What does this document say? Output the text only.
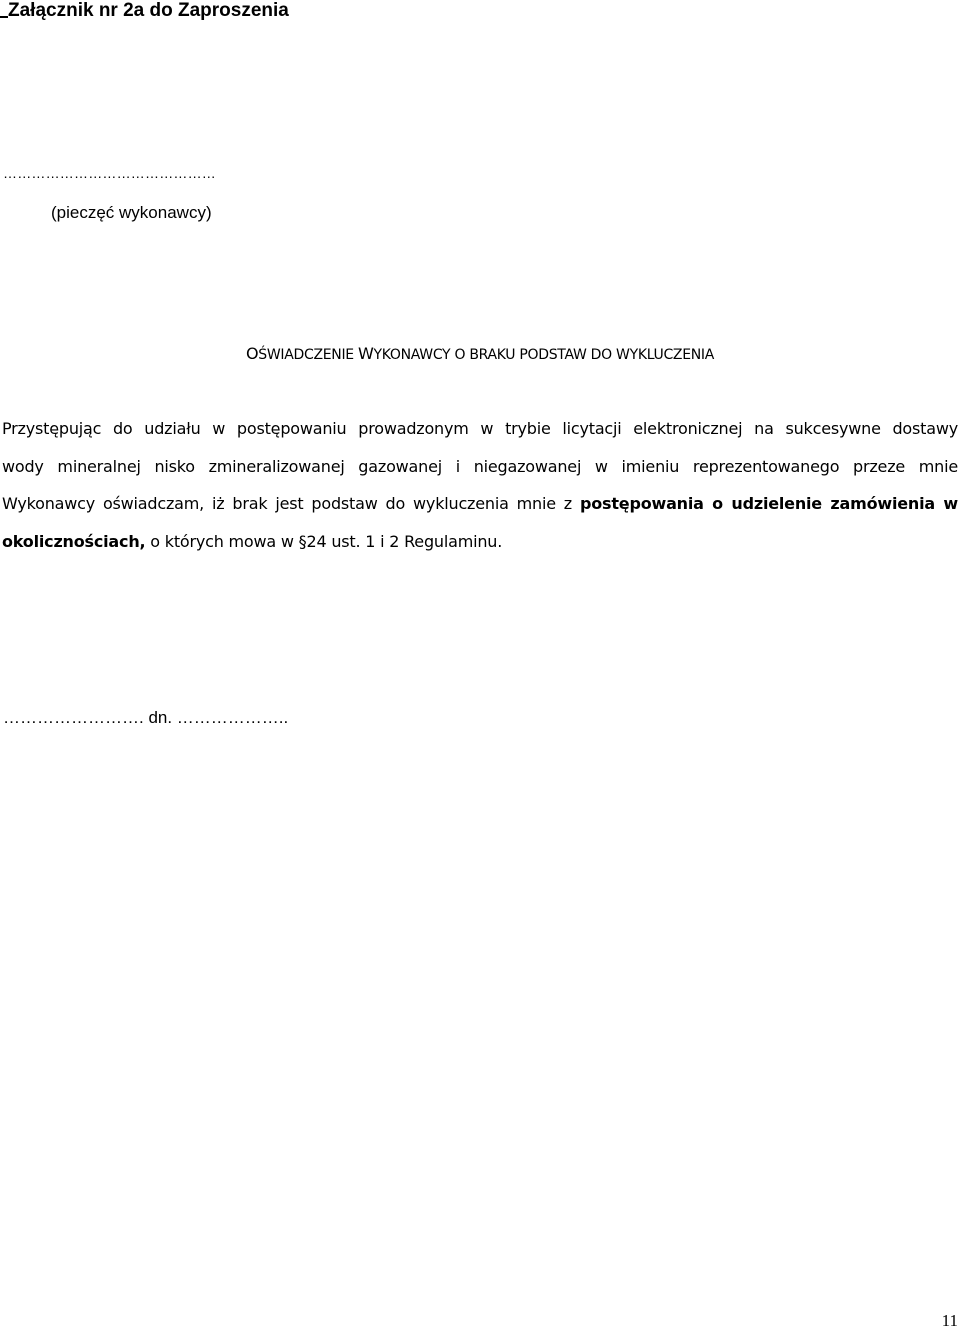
Załącznik nr 2a do Zaproszenia
………………………………………
(pieczęć wykonawcy)
OŚWIADCZENIE WYKONAWCY O BRAKU PODSTAW DO WYKLUCZENIA
Przystępując do udziału w postępowaniu prowadzonym w trybie licytacji elektronicznej na sukcesywne dostawy
wody mineralnej nisko zmineralizowanej gazowanej i niegazowanej w imieniu reprezentowanego przeze mnie
Wykonawcy oświadczam, iż brak jest podstaw do wykluczenia mnie z postępowania o udzielenie zamówienia w
okolicznościach, o których mowa w §24 ust. 1 i 2 Regulaminu.
……………………. dn. ………………..
11
